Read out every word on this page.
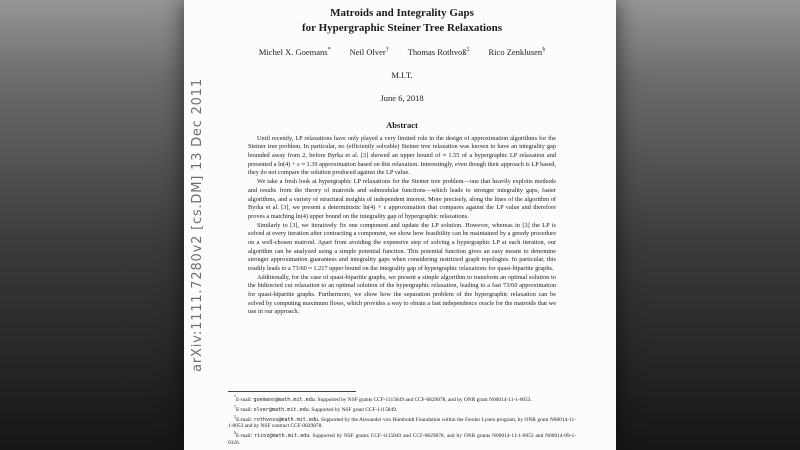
arXiv:1111.7280v2 [cs.DM] 13 Dec 2011
Matroids and Integrality Gaps
for Hypergraphic Steiner Tree Relaxations
Michel X. Goemans* Neil Olver† Thomas Rothvoß‡ Rico Zenklusen§
M.I.T.
June 6, 2018
Abstract

Until recently, LP relaxations have only played a very limited role in the design of approximation algorithms for the Steiner tree problem. In particular, no (efficiently solvable) Steiner tree relaxation was known to have an integrality gap bounded away from 2, before Byrka et al. [3] showed an upper bound of ≈ 1.55 of a hypergraphic LP relaxation and presented a ln(4) + ε ≈ 1.39 approximation based on this relaxation. Interestingly, even though their approach is LP based, they do not compare the solution produced against the LP value.

We take a fresh look at hypergraphic LP relaxations for the Steiner tree problem—one that heavily exploits methods and results from the theory of matroids and submodular functions—which leads to stronger integrality gaps, faster algorithms, and a variety of structural insights of independent interest. More precisely, along the lines of the algorithm of Byrka et al. [3], we present a deterministic ln(4) + ε approximation that compares against the LP value and therefore proves a matching ln(4) upper bound on the integrality gap of hypergraphic relaxations.

Similarly to [3], we iteratively fix one component and update the LP solution. However, whereas in [3] the LP is solved at every iteration after contracting a component, we show how feasibility can be maintained by a greedy procedure on a well-chosen matroid. Apart from avoiding the expensive step of solving a hypergraphic LP at each iteration, our algorithm can be analyzed using a simple potential function. This potential function gives an easy means to determine stronger approximation guarantees and integrality gaps when considering restricted graph topologies. In particular, this readily leads to a 73/60 ≈ 1.217 upper bound on the integrality gap of hypergraphic relaxations for quasi-bipartite graphs.

Additionally, for the case of quasi-bipartite graphs, we present a simple algorithm to transform an optimal solution to the bidirected cut relaxation to an optimal solution of the hypergraphic relaxation, leading to a fast 73/60 approximation for quasi-bipartite graphs. Furthermore, we show how the separation problem of the hypergraphic relaxation can be solved by computing maximum flows, which provides a way to obtain a fast independence oracle for the matroids that we use in our approach.

*E-mail: goemans@math.mit.edu. Supported by NSF grants CCF-1115849 and CCF-0829878, and by ONR grant N00014-11-1-0053.

†E-mail: olver@math.mit.edu. Supported by NSF grant CCF-1115849.

‡E-mail: rothvoss@math.mit.edu. Supported by the Alexander von Humboldt Foundation within the Feodor Lynen program, by ONR grant N00014-11-1-0053 and by NSF contract CCF-0829878.

§E-mail: ricoz@math.mit.edu. Supported by NSF grants CCF-1115849 and CCF-0829878, and by ONR grants N00014-11-1-0053 and N00014-09-1-0326.
